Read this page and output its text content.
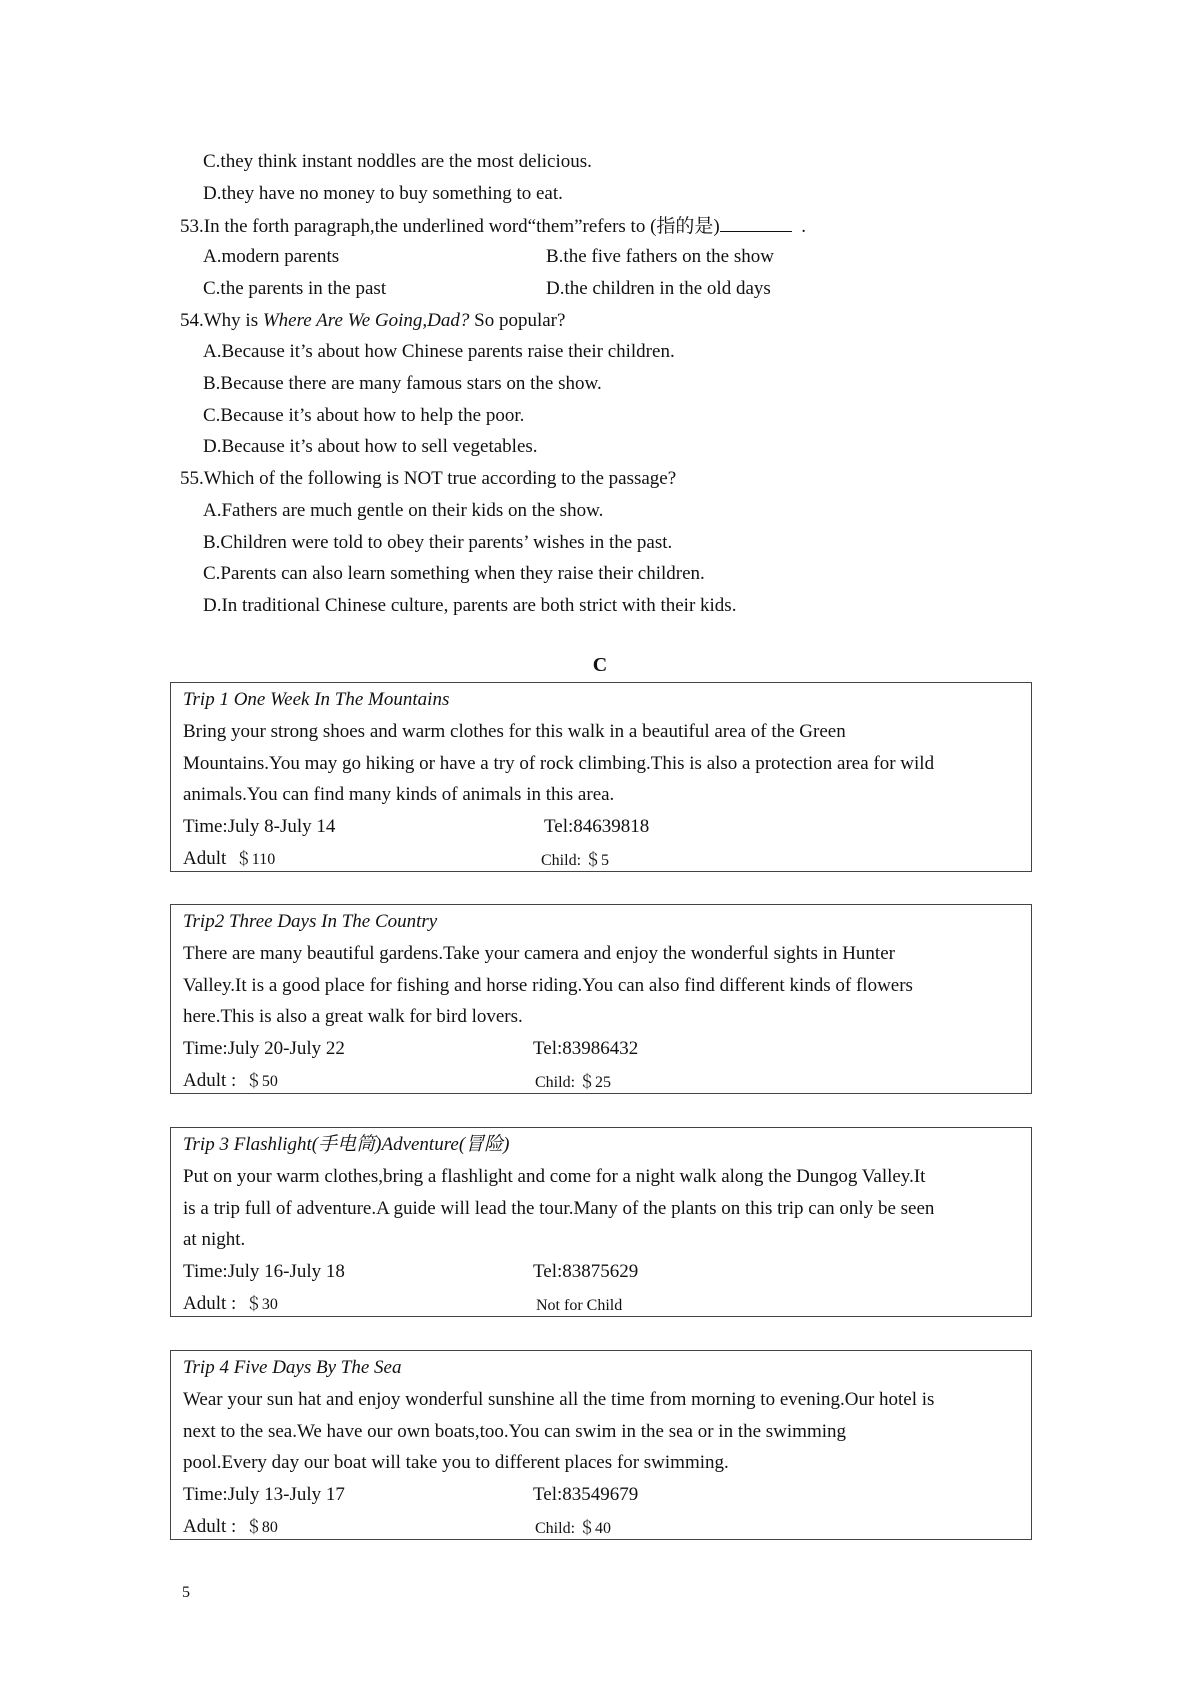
C.they think instant noddles are the most delicious.
D.they have no money to buy something to eat.
53.In the forth paragraph,the underlined word“them”refers to (指的是)	.
A.modern parents	B.the five fathers on the show
C.the parents in the past	D.the children in the old days
54.Why is Where Are We Going,Dad? So popular?
A.Because it’s about how Chinese parents raise their children.
B.Because there are many famous stars on the show.
C.Because it’s about how to help the poor.
D.Because it’s about how to sell vegetables.
55.Which of the following is NOT true according to the passage?
A.Fathers are much gentle on their kids on the show.
B.Children were told to obey their parents’ wishes in the past.
C.Parents can also learn something when they raise their children.
D.In traditional Chinese culture, parents are both strict with their kids.
C
Trip 1 One Week In The Mountains
Bring your strong shoes and warm clothes for this walk in a beautiful area of the Green
Mountains.You may go hiking or have a try of rock climbing.This is also a protection area for wild
animals.You can find many kinds of animals in this area.
Time:July 8-July 14	Tel:84639818
Adult ＄110	Child: ＄5
Trip2 Three Days In The Country
There are many beautiful gardens.Take your camera and enjoy the wonderful sights in Hunter
Valley.It is a good place for fishing and horse riding.You can also find different kinds of flowers
here.This is also a great walk for bird lovers.
Time:July 20-July 22	Tel:83986432
Adult : ＄50	Child: ＄25
Trip 3 Flashlight(手电筒)Adventure(冒险)
Put on your warm clothes,bring a flashlight and come for a night walk along the Dungog Valley.It
is a trip full of adventure.A guide will lead the tour.Many of the plants on this trip can only be seen
at night.
Time:July 16-July 18	Tel:83875629
Adult : ＄30	Not for Child
Trip 4 Five Days By The Sea
Wear your sun hat and enjoy wonderful sunshine all the time from morning to evening.Our hotel is
next to the sea.We have our own boats,too.You can swim in the sea or in the swimming
pool.Every day our boat will take you to different places for swimming.
Time:July 13-July 17	Tel:83549679
Adult : ＄80	Child: ＄40
5
